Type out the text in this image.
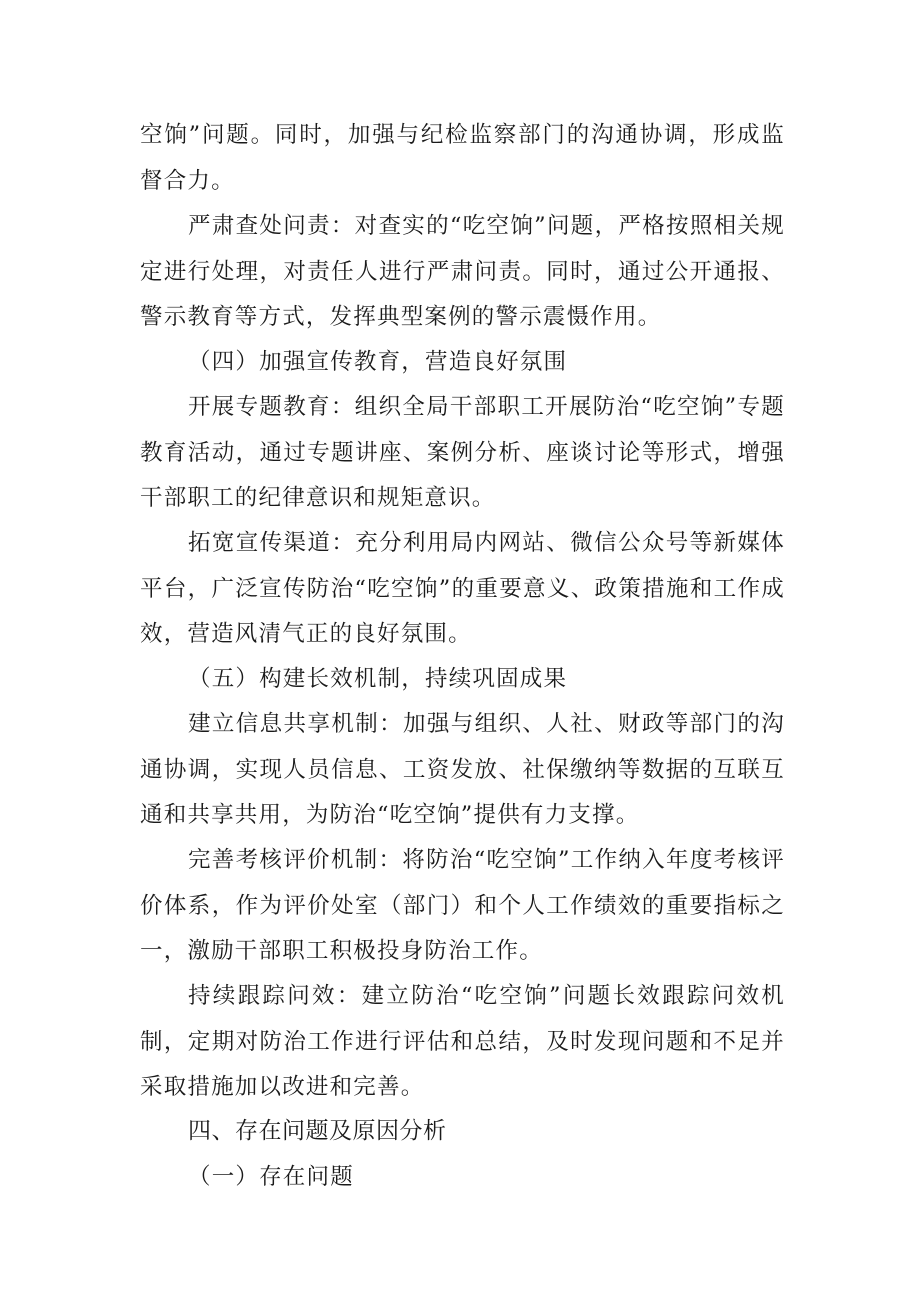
空饷”问题。同时，加强与纪检监察部门的沟通协调，形成监督合力。

严肃查处问责：对查实的“吃空饷”问题，严格按照相关规定进行处理，对责任人进行严肃问责。同时，通过公开通报、警示教育等方式，发挥典型案例的警示震慑作用。

（四）加强宣传教育，营造良好氛围

开展专题教育：组织全局干部职工开展防治“吃空饷”专题教育活动，通过专题讲座、案例分析、座谈讨论等形式，增强干部职工的纪律意识和规矩意识。

拓宽宣传渠道：充分利用局内网站、微信公众号等新媒体平台，广泛宣传防治“吃空饷”的重要意义、政策措施和工作成效，营造风清气正的良好氛围。

（五）构建长效机制，持续巩固成果

建立信息共享机制：加强与组织、人社、财政等部门的沟通协调，实现人员信息、工资发放、社保缴纳等数据的互联互通和共享共用，为防治“吃空饷”提供有力支撑。

完善考核评价机制：将防治“吃空饷”工作纳入年度考核评价体系，作为评价处室（部门）和个人工作绩效的重要指标之一，激励干部职工积极投身防治工作。

持续跟踪问效：建立防治“吃空饷”问题长效跟踪问效机制，定期对防治工作进行评估和总结，及时发现问题和不足并采取措施加以改进和完善。

四、存在问题及原因分析

（一）存在问题
